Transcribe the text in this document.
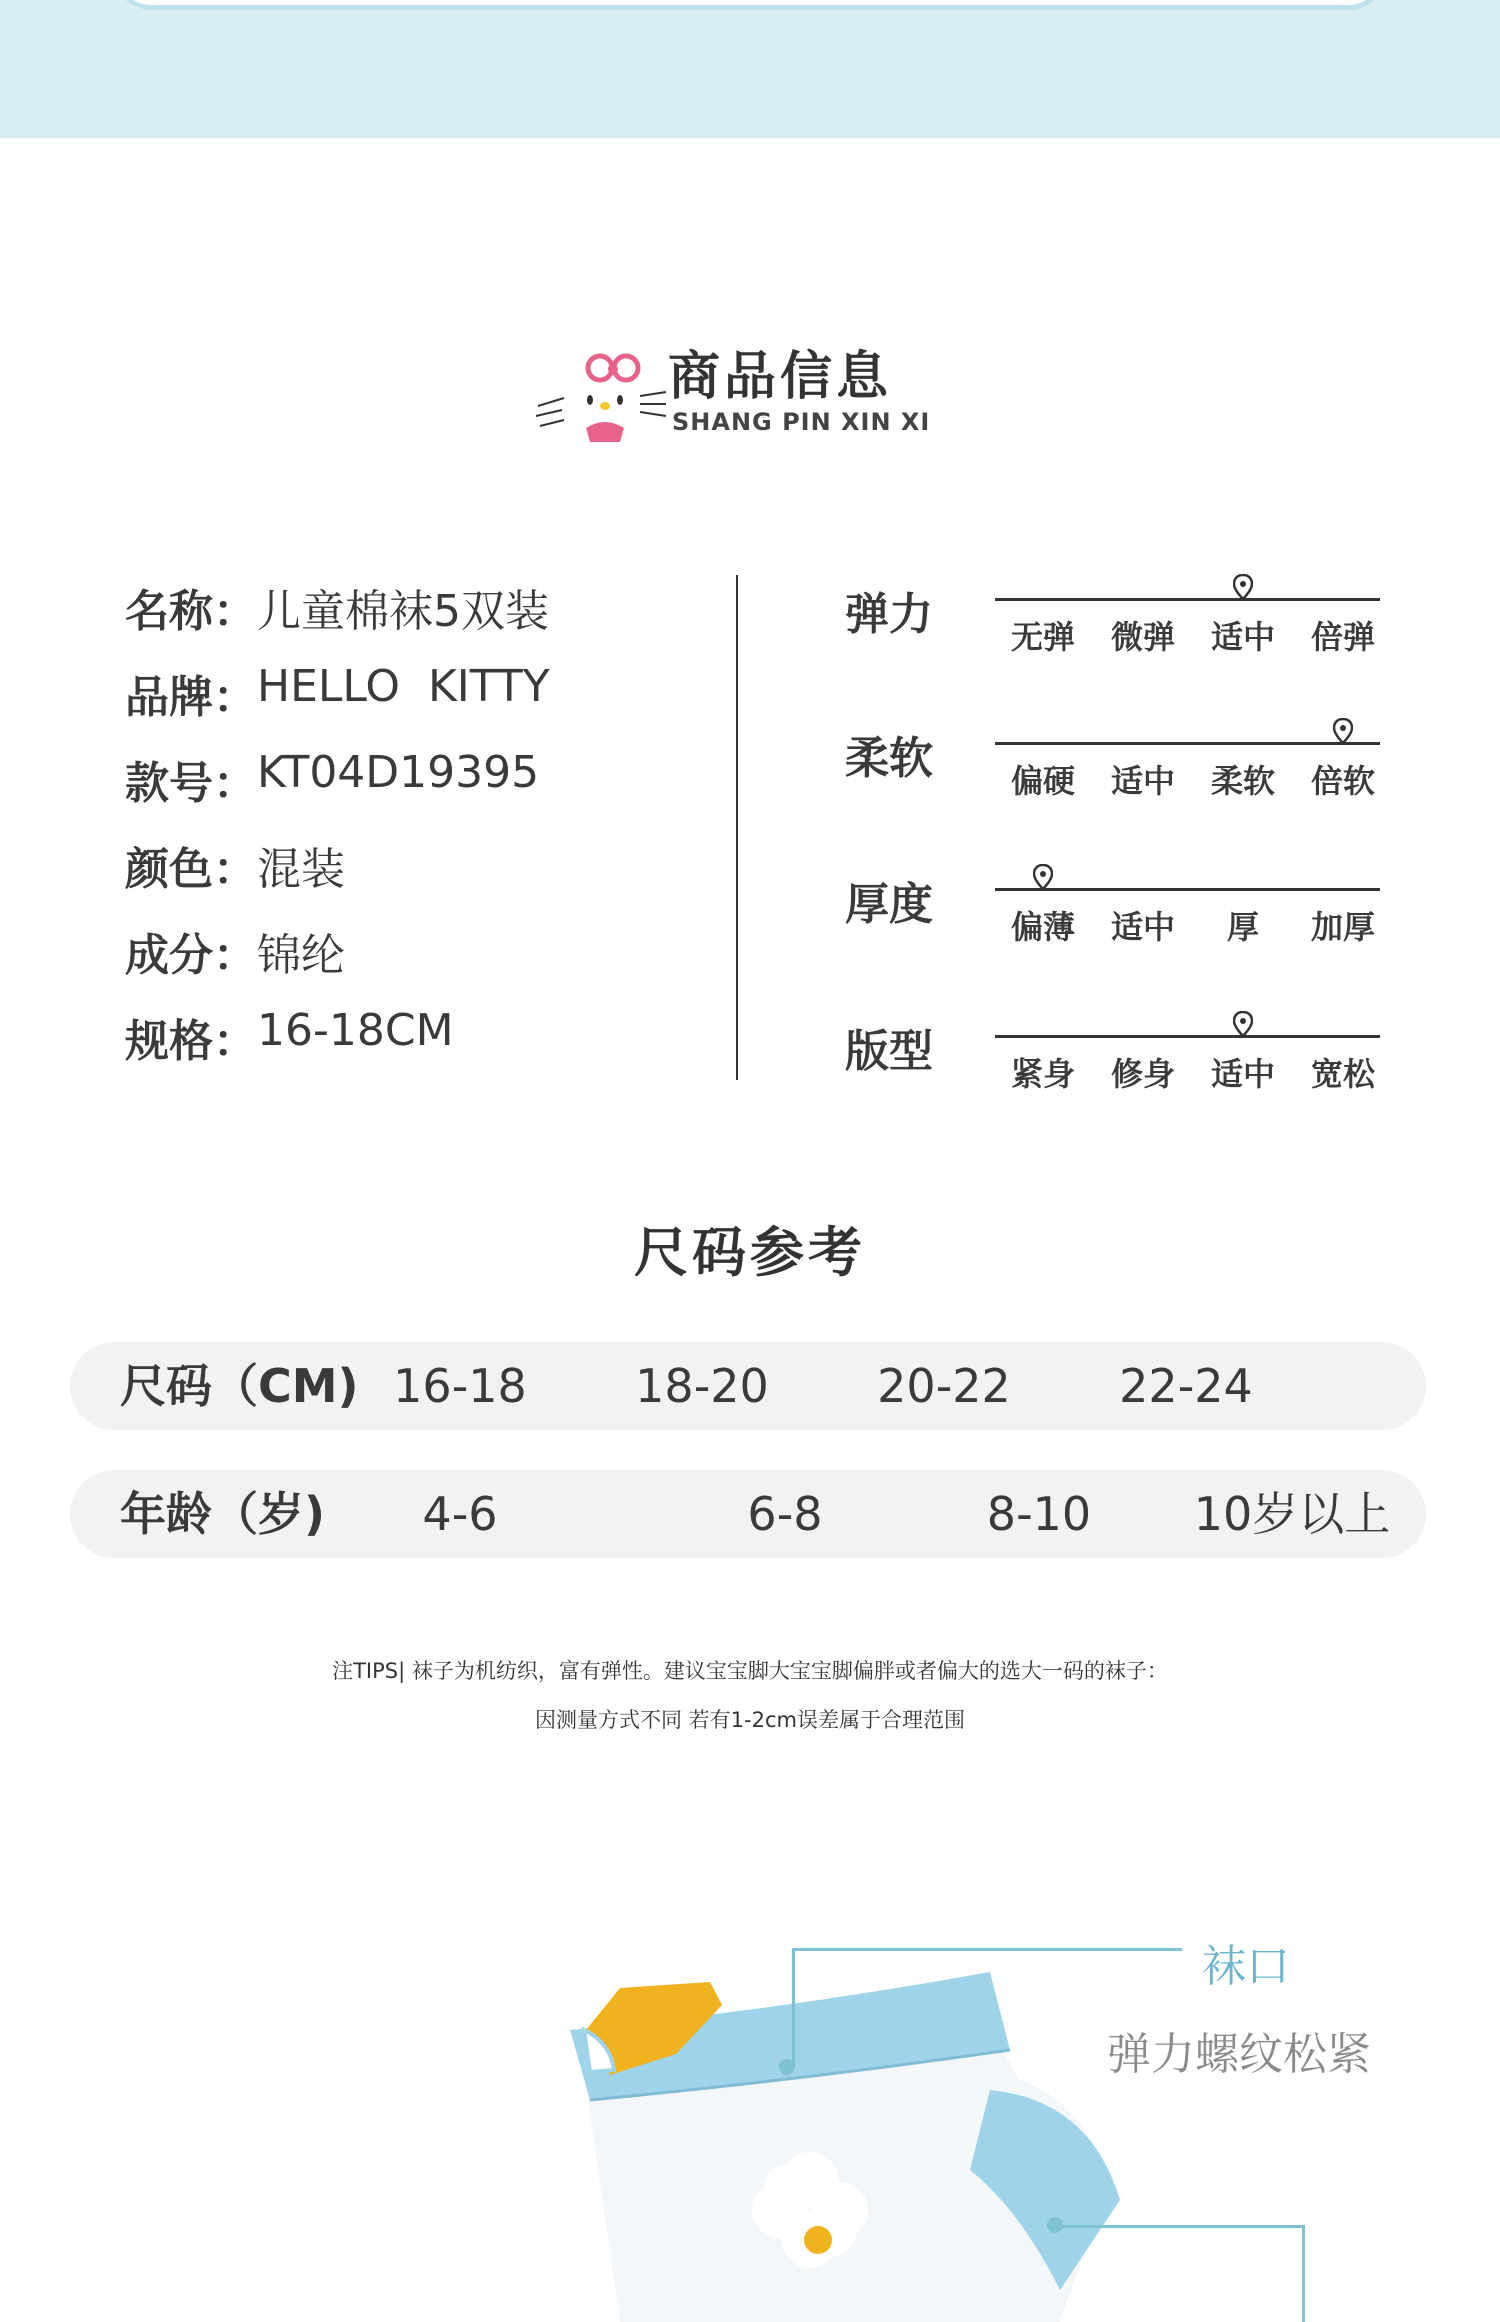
商品信息
SHANG PIN XIN XI
名称： 儿童棉袜5双装
品牌： HELLO  KITTY
款号： KT04D19395
颜色： 混装
成分： 锦纶
规格： 16-18CM
弹力	无弹	微弹	适中	倍弹
柔软	偏硬	适中	柔软	倍软
厚度	偏薄	适中	厚	加厚
版型	紧身	修身	适中	宽松
尺码参考
尺码（CM) 16-18	18-20	20-22	22-24
年龄（岁)	4-6	6-8	8-10	10岁以上
注TIPS| 袜子为机纺织，富有弹性。建议宝宝脚大宝宝脚偏胖或者偏大的选大一码的袜子：
因测量方式不同 若有1-2cm误差属于合理范围
袜口
弹力螺纹松紧
